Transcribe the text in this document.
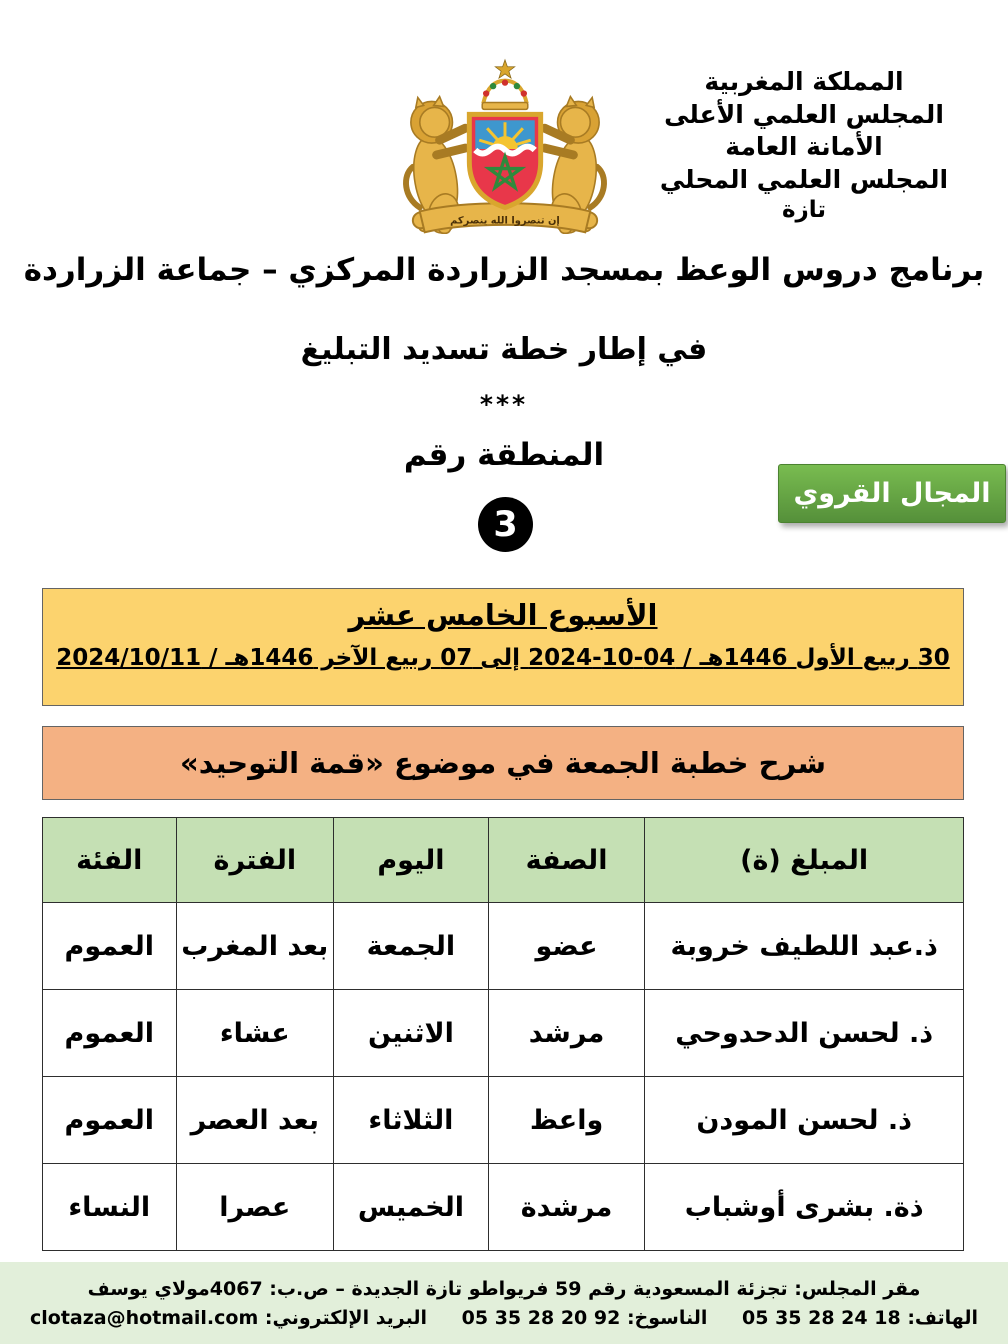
المملكة المغربية
المجلس العلمي الأعلى
الأمانة العامة
المجلس العلمي المحلي
تازة
إن تنصروا الله ينصركم
برنامج دروس الوعظ بمسجد الزراردة المركزي – جماعة الزراردة
في إطار خطة تسديد التبليغ
***
المنطقة رقم
3
المجال القروي
الأسبوع الخامس عشر
30 ربيع الأول 1446هـ / 04-10-2024 إلى 07 ربيع الآخر 1446هـ / 2024/10/11
شرح خطبة الجمعة في موضوع «قمة التوحيد»
المبلغ (ة)	الصفة	اليوم	الفترة	الفئة
ذ.عبد اللطيف خروبة	عضو	الجمعة	بعد المغرب	العموم
ذ. لحسن الدحدوحي	مرشد	الاثنين	عشاء	العموم
ذ. لحسن المودن	واعظ	الثلاثاء	بعد العصر	العموم
ذة. بشرى أوشباب	مرشدة	الخميس	عصرا	النساء
مقر المجلس: تجزئة المسعودية رقم 59 فريواطو تازة الجديدة – ص.ب: 4067مولاي يوسف
الهاتف: 05 35 28 24 18 الناسوخ: 05 35 28 20 92 البريد الإلكتروني: clotaza@hotmail.com
